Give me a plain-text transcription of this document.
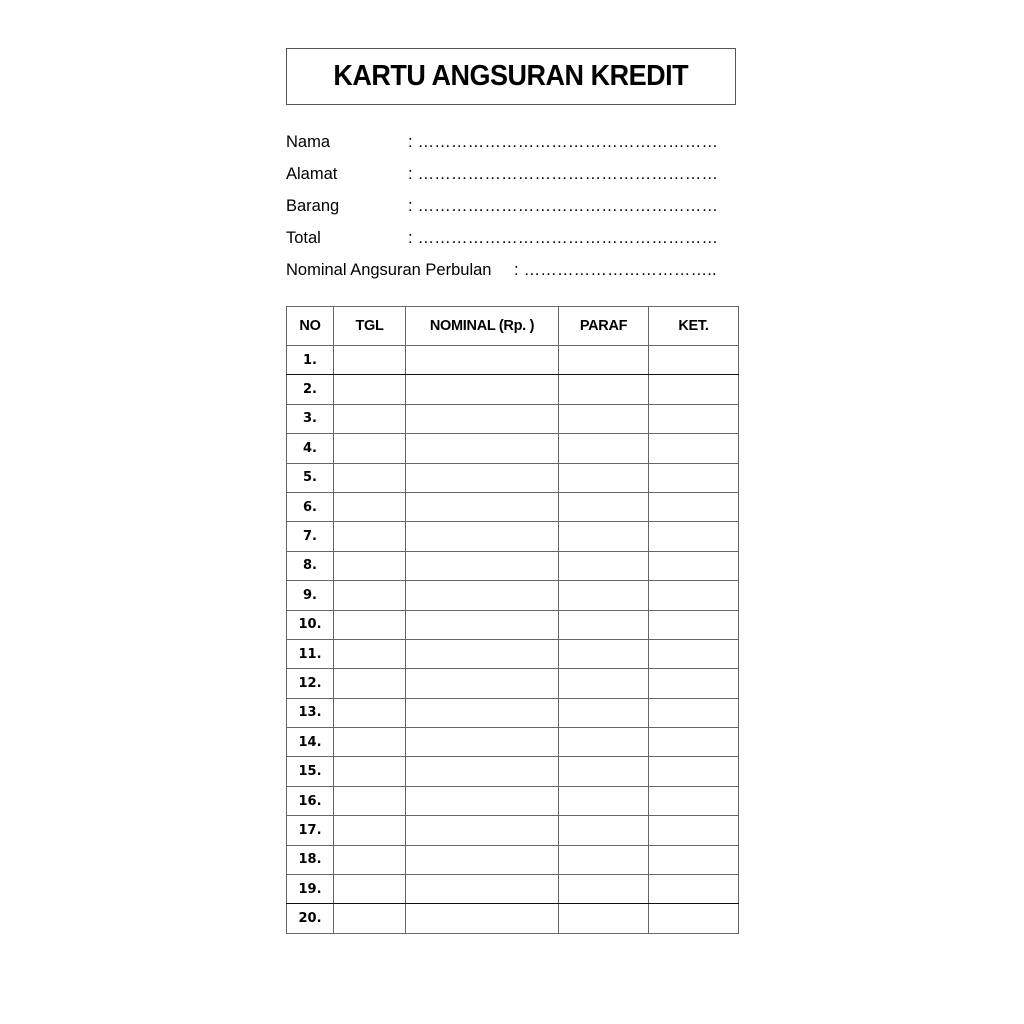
KARTU ANGSURAN KREDIT
Nama	: ………………………………………………
Alamat	: ………………………………………………
Barang	: ………………………………………………
Total	: ………………………………………………
Nominal Angsuran Perbulan : ……………………………..
NO	TGL	NOMINAL (Rp. )	PARAF	KET.
1.				
2.				
3.				
4.				
5.				
6.				
7.				
8.				
9.				
10.				
11.				
12.				
13.				
14.				
15.				
16.				
17.				
18.				
19.				
20.				
